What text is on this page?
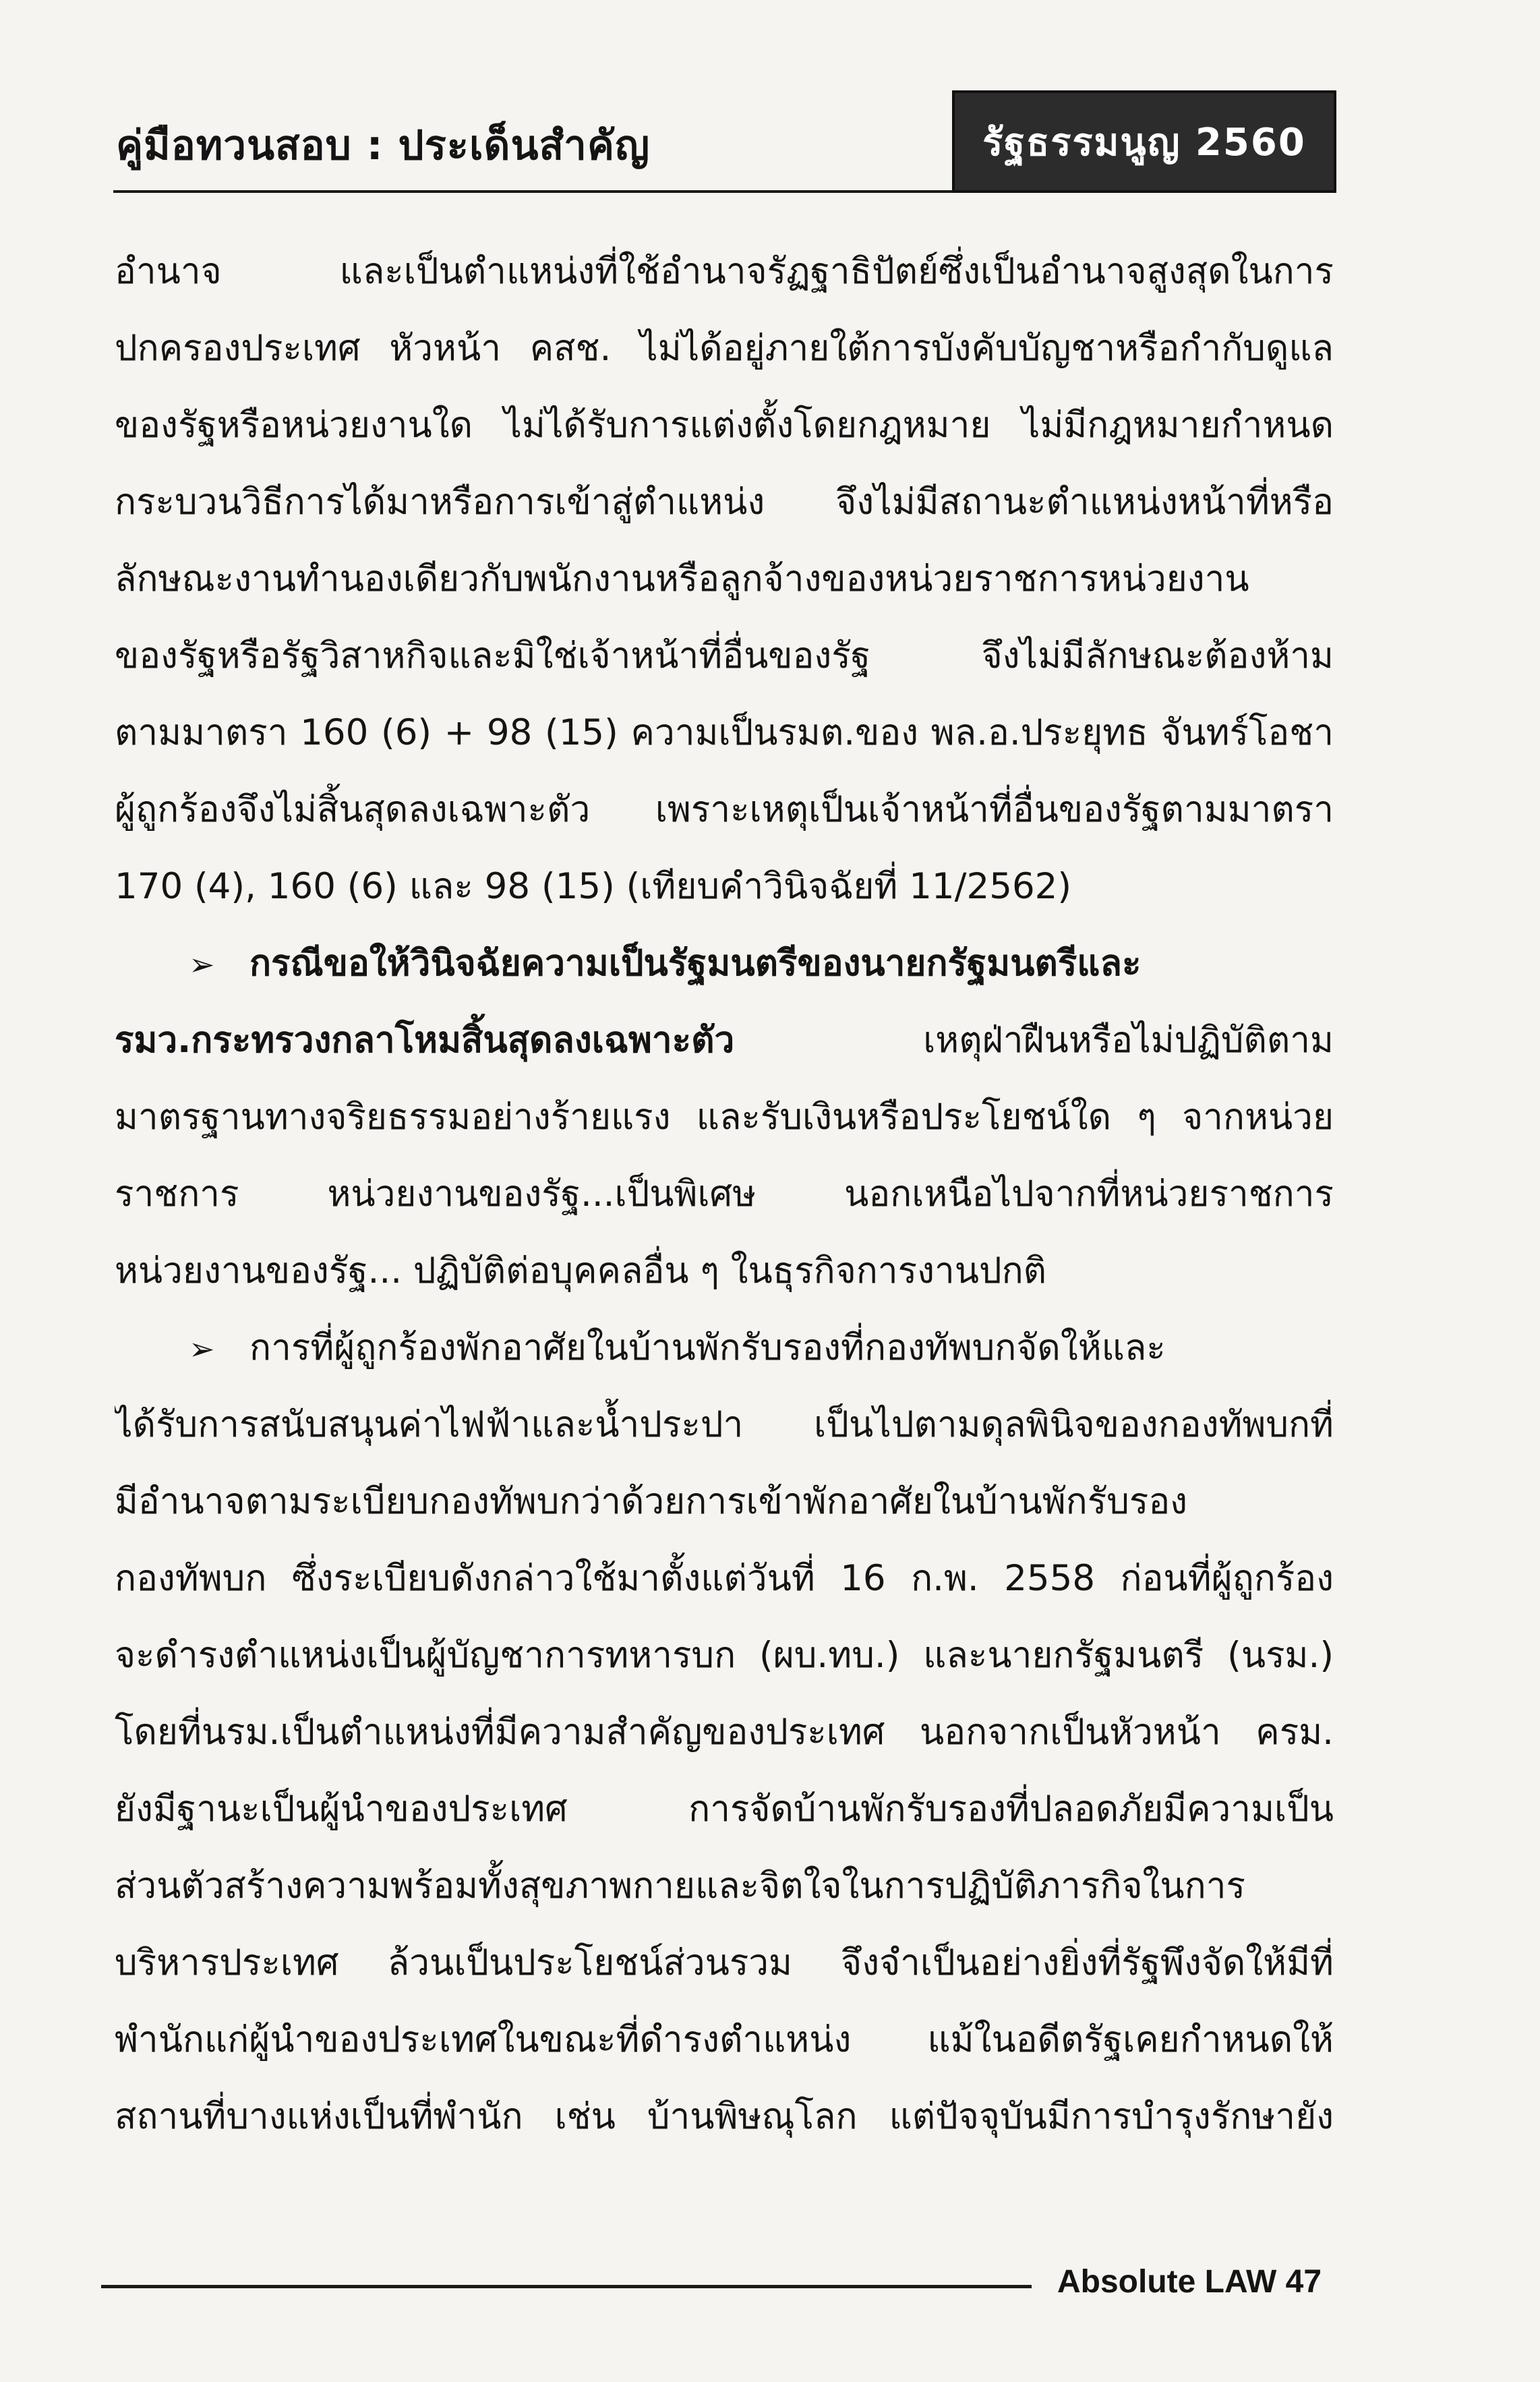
คู่มือทวนสอบ : ประเด็นสำคัญ	รัฐธรรมนูญ 2560
อำนาจ และเป็นตำแหน่งที่ใช้อำนาจรัฏฐาธิปัตย์ซึ่งเป็นอำนาจสูงสุดในการ
ปกครองประเทศ หัวหน้า คสช. ไม่ได้อยู่ภายใต้การบังคับบัญชาหรือกำกับดูแล
ของรัฐหรือหน่วยงานใด ไม่ได้รับการแต่งตั้งโดยกฎหมาย ไม่มีกฎหมายกำหนด
กระบวนวิธีการได้มาหรือการเข้าสู่ตำแหน่ง จึงไม่มีสถานะตำแหน่งหน้าที่หรือ
ลักษณะงานทำนองเดียวกับพนักงานหรือลูกจ้างของหน่วยราชการหน่วยงาน
ของรัฐหรือรัฐวิสาหกิจและมิใช่เจ้าหน้าที่อื่นของรัฐ จึงไม่มีลักษณะต้องห้าม
ตามมาตรา 160 (6) + 98 (15) ความเป็นรมต.ของ พล.อ.ประยุทธ จันทร์โอชา
ผู้ถูกร้องจึงไม่สิ้นสุดลงเฉพาะตัว เพราะเหตุเป็นเจ้าหน้าที่อื่นของรัฐตามมาตรา
170 (4), 160 (6) และ 98 (15) (เทียบคำวินิจฉัยที่ 11/2562)
➢ กรณีขอให้วินิจฉัยความเป็นรัฐมนตรีของนายกรัฐมนตรีและ
รมว.กระทรวงกลาโหมสิ้นสุดลงเฉพาะตัว เหตุฝ่าฝืนหรือไม่ปฏิบัติตาม
มาตรฐานทางจริยธรรมอย่างร้ายแรง และรับเงินหรือประโยชน์ใด ๆ จากหน่วย
ราชการ หน่วยงานของรัฐ...เป็นพิเศษ นอกเหนือไปจากที่หน่วยราชการ
หน่วยงานของรัฐ... ปฏิบัติต่อบุคคลอื่น ๆ ในธุรกิจการงานปกติ
➢ การที่ผู้ถูกร้องพักอาศัยในบ้านพักรับรองที่กองทัพบกจัดให้และ
ได้รับการสนับสนุนค่าไฟฟ้าและน้ำประปา เป็นไปตามดุลพินิจของกองทัพบกที่
มีอำนาจตามระเบียบกองทัพบกว่าด้วยการเข้าพักอาศัยในบ้านพักรับรอง
กองทัพบก ซึ่งระเบียบดังกล่าวใช้มาตั้งแต่วันที่ 16 ก.พ. 2558 ก่อนที่ผู้ถูกร้อง
จะดำรงตำแหน่งเป็นผู้บัญชาการทหารบก (ผบ.ทบ.) และนายกรัฐมนตรี (นรม.)
โดยที่นรม.เป็นตำแหน่งที่มีความสำคัญของประเทศ นอกจากเป็นหัวหน้า ครม.
ยังมีฐานะเป็นผู้นำของประเทศ การจัดบ้านพักรับรองที่ปลอดภัยมีความเป็น
ส่วนตัวสร้างความพร้อมทั้งสุขภาพกายและจิตใจในการปฏิบัติภารกิจในการ
บริหารประเทศ ล้วนเป็นประโยชน์ส่วนรวม จึงจำเป็นอย่างยิ่งที่รัฐพึงจัดให้มีที่
พำนักแก่ผู้นำของประเทศในขณะที่ดำรงตำแหน่ง แม้ในอดีตรัฐเคยกำหนดให้
สถานที่บางแห่งเป็นที่พำนัก เช่น บ้านพิษณุโลก แต่ปัจจุบันมีการบำรุงรักษายัง
Absolute LAW 47
